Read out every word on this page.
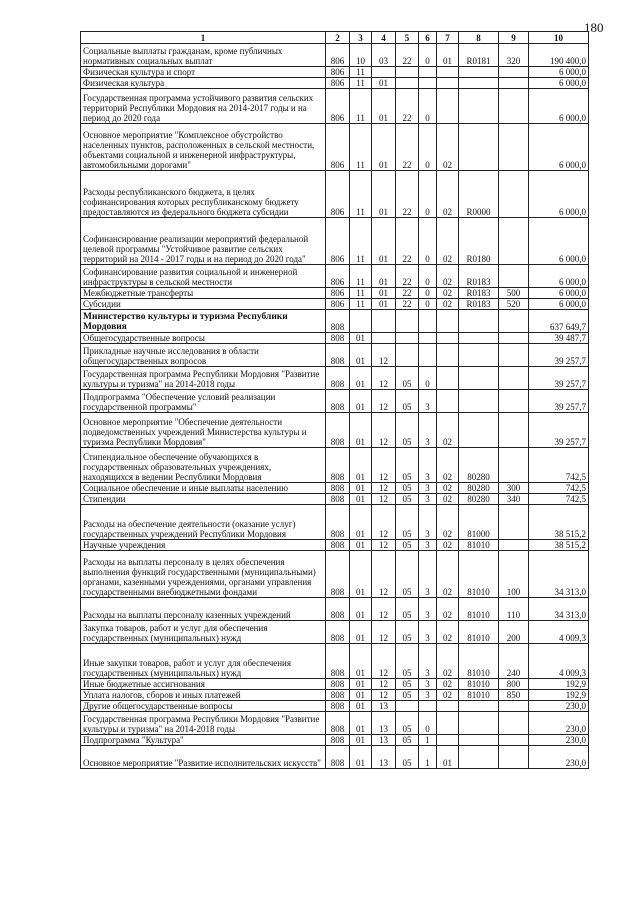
180
1	2	3	4	5	6	7	8	9	10
Социальные выплаты гражданам, кроме публичных нормативных социальных выплат	806	10	03	22	0	01	R0181	320	190 400,0
Физическая культура и спорт	806	11							6 000,0
Физическая культура	806	11	01						6 000,0
Государственная программа устойчивого развития сельских территорий Республики Мордовия на 2014-2017 годы и на период до 2020 года	806	11	01	22	0				6 000,0
Основное мероприятие "Комплексное обустройство населенных пунктов, расположенных в сельской местности, объектами социальной и инженерной инфраструктуры, автомобильными дорогами"	806	11	01	22	0	02			6 000,0
Расходы республиканского бюджета, в целях софинансирования которых республиканскому бюджету предоставляются из федерального бюджета субсидии	806	11	01	22	0	02	R0000		6 000,0
Софинансирование реализации мероприятий федеральной целевой программы "Устойчивое развитие сельских территорий на 2014 - 2017 годы и на период до 2020 года"	806	11	01	22	0	02	R0180		6 000,0
Софинансирование развития социальной и инженерной инфраструктуры в сельской местности	806	11	01	22	0	02	R0183		6 000,0
Межбюджетные трансферты	806	11	01	22	0	02	R0183	500	6 000,0
Субсидии	806	11	01	22	0	02	R0183	520	6 000,0
Министерство культуры и туризма Республики Мордовия	808								637 649,7
Общегосударственные вопросы	808	01							39 487,7
Прикладные научные исследования в области общегосударственных вопросов	808	01	12						39 257,7
Государственная программа Республики Мордовия "Развитие культуры и туризма" на 2014-2018 годы	808	01	12	05	0				39 257,7
Подпрограмма "Обеспечение условий реализации государственной программы"	808	01	12	05	3				39 257,7
Основное мероприятие "Обеспечение деятельности подведомственных учреждений Министерства культуры и туризма Республики Мордовия"	808	01	12	05	3	02			39 257,7
Стипендиальное обеспечение обучающихся в государственных образовательных учреждениях, находящихся в ведении Республики Мордовия	808	01	12	05	3	02	80280		742,5
Социальное обеспечение и иные выплаты населению	808	01	12	05	3	02	80280	300	742,5
Стипендии	808	01	12	05	3	02	80280	340	742,5
Расходы на обеспечение деятельности (оказание услуг) государственных учреждений Республики Мордовия	808	01	12	05	3	02	81000		38 515,2
Научные учреждения	808	01	12	05	3	02	81010		38 515,2
Расходы на выплаты персоналу в целях обеспечения выполнения функций государственными (муниципальными) органами, казенными учреждениями, органами управления государственными внебюджетными фондами	808	01	12	05	3	02	81010	100	34 313,0
Расходы на выплаты персоналу казенных учреждений	808	01	12	05	3	02	81010	110	34 313,0
Закупка товаров, работ и услуг для обеспечения государственных (муниципальных) нужд	808	01	12	05	3	02	81010	200	4 009,3
Иные закупки товаров, работ и услуг для обеспечения государственных (муниципальных) нужд	808	01	12	05	3	02	81010	240	4 009,3
Иные бюджетные ассигнования	808	01	12	05	3	02	81010	800	192,9
Уплата налогов, сборов и иных платежей	808	01	12	05	3	02	81010	850	192,9
Другие общегосударственные вопросы	808	01	13						230,0
Государственная программа Республики Мордовия "Развитие культуры и туризма" на 2014-2018 годы	808	01	13	05	0				230,0
Подпрограмма "Культура"	808	01	13	05	1				230,0
Основное мероприятие "Развитие исполнительских искусств"	808	01	13	05	1	01			230,0
